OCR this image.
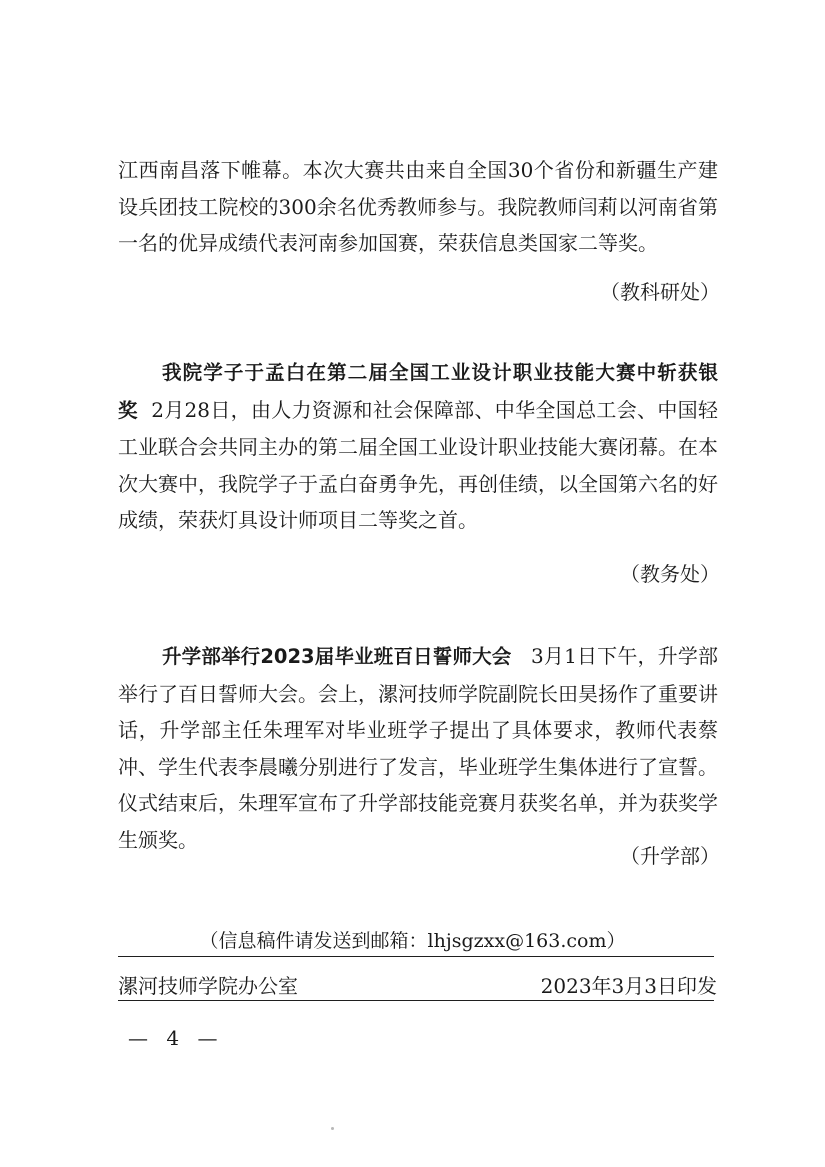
江西南昌落下帷幕。本次大赛共由来自全国30个省份和新疆生产建设兵团技工院校的300余名优秀教师参与。我院教师闫莉以河南省第一名的优异成绩代表河南参加国赛，荣获信息类国家二等奖。
（教科研处）
我院学子于孟白在第二届全国工业设计职业技能大赛中斩获银奖 2月28日，由人力资源和社会保障部、中华全国总工会、中国轻工业联合会共同主办的第二届全国工业设计职业技能大赛闭幕。在本次大赛中，我院学子于孟白奋勇争先，再创佳绩，以全国第六名的好成绩，荣获灯具设计师项目二等奖之首。
（教务处）
升学部举行2023届毕业班百日誓师大会 3月1日下午，升学部举行了百日誓师大会。会上，漯河技师学院副院长田昊扬作了重要讲话，升学部主任朱理军对毕业班学子提出了具体要求，教师代表蔡冲、学生代表李晨曦分别进行了发言，毕业班学生集体进行了宣誓。仪式结束后，朱理军宣布了升学部技能竞赛月获奖名单，并为获奖学生颁奖。
（升学部）
（信息稿件请发送到邮箱：lhjsgzxx@163.com）
漯河技师学院办公室	2023年3月3日印发
— 4 —
